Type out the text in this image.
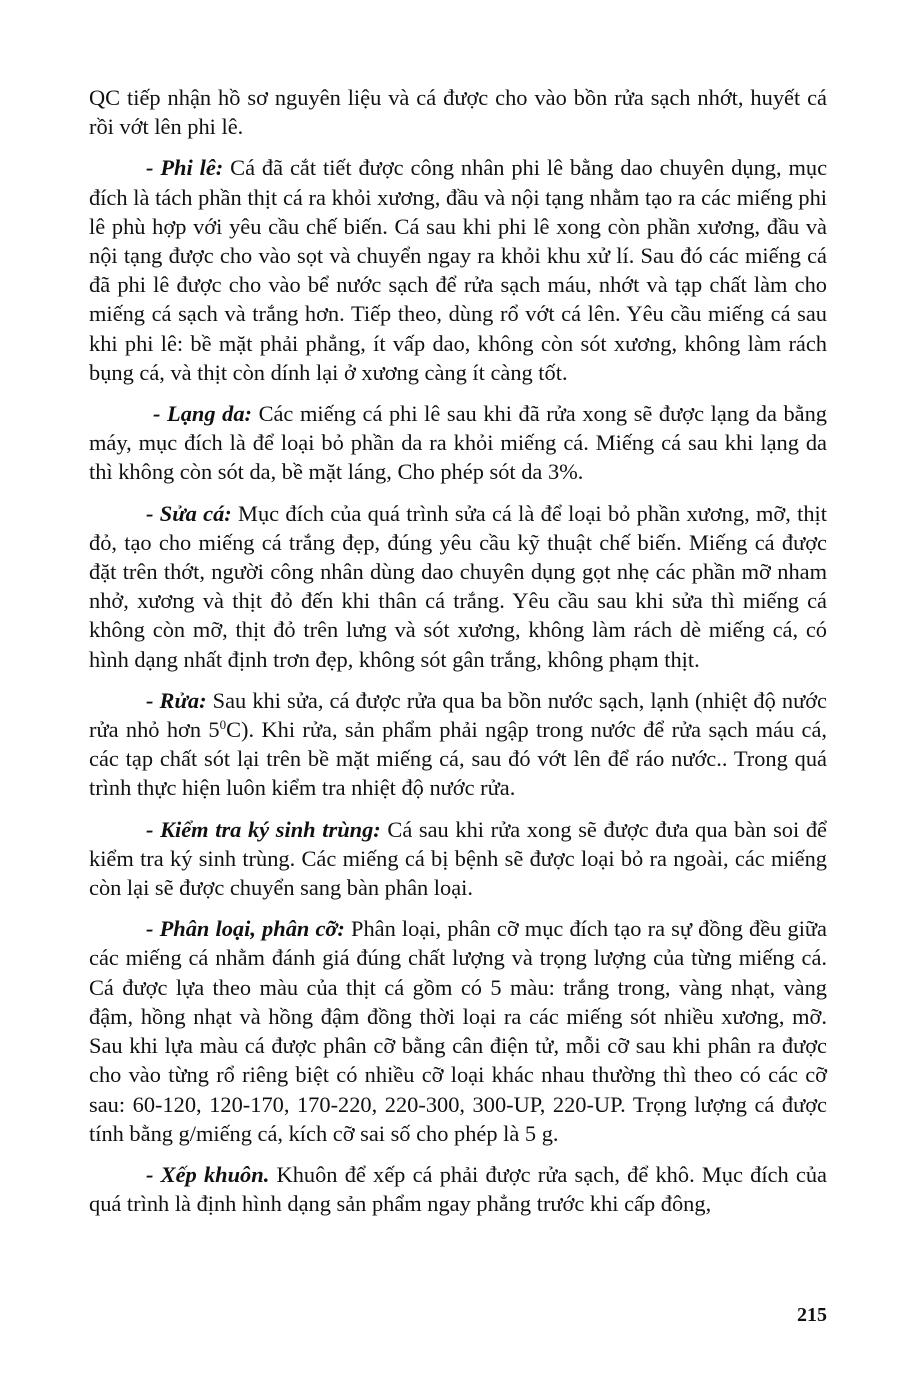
QC tiếp nhận hồ sơ nguyên liệu và cá được cho vào bồn rửa sạch nhớt, huyết cá rồi vớt lên phi lê.

- Phi lê: Cá đã cắt tiết được công nhân phi lê bằng dao chuyên dụng, mục đích là tách phần thịt cá ra khỏi xương, đầu và nội tạng nhằm tạo ra các miếng phi lê phù hợp với yêu cầu chế biến. Cá sau khi phi lê xong còn phần xương, đầu và nội tạng được cho vào sọt và chuyển ngay ra khỏi khu xử lí. Sau đó các miếng cá đã phi lê được cho vào bể nước sạch để rửa sạch máu, nhớt và tạp chất làm cho miếng cá sạch và trắng hơn. Tiếp theo, dùng rổ vớt cá lên. Yêu cầu miếng cá sau khi phi lê: bề mặt phải phẳng, ít vấp dao, không còn sót xương, không làm rách bụng cá, và thịt còn dính lại ở xương càng ít càng tốt.

- Lạng da: Các miếng cá phi lê sau khi đã rửa xong sẽ được lạng da bằng máy, mục đích là để loại bỏ phần da ra khỏi miếng cá. Miếng cá sau khi lạng da thì không còn sót da, bề mặt láng, Cho phép sót da 3%.

- Sửa cá: Mục đích của quá trình sửa cá là để loại bỏ phần xương, mỡ, thịt đỏ, tạo cho miếng cá trắng đẹp, đúng yêu cầu kỹ thuật chế biến. Miếng cá được đặt trên thớt, người công nhân dùng dao chuyên dụng gọt nhẹ các phần mỡ nham nhở, xương và thịt đỏ đến khi thân cá trắng. Yêu cầu sau khi sửa thì miếng cá không còn mỡ, thịt đỏ trên lưng và sót xương, không làm rách dè miếng cá, có hình dạng nhất định trơn đẹp, không sót gân trắng, không phạm thịt.

- Rửa: Sau khi sửa, cá được rửa qua ba bồn nước sạch, lạnh (nhiệt độ nước rửa nhỏ hơn $5^0C$). Khi rửa, sản phẩm phải ngập trong nước để rửa sạch máu cá, các tạp chất sót lại trên bề mặt miếng cá, sau đó vớt lên để ráo nước.. Trong quá trình thực hiện luôn kiểm tra nhiệt độ nước rửa.

- Kiểm tra ký sinh trùng: Cá sau khi rửa xong sẽ được đưa qua bàn soi để kiểm tra ký sinh trùng. Các miếng cá bị bệnh sẽ được loại bỏ ra ngoài, các miếng còn lại sẽ được chuyển sang bàn phân loại.

- Phân loại, phân cỡ: Phân loại, phân cỡ mục đích tạo ra sự đồng đều giữa các miếng cá nhằm đánh giá đúng chất lượng và trọng lượng của từng miếng cá. Cá được lựa theo màu của thịt cá gồm có 5 màu: trắng trong, vàng nhạt, vàng đậm, hồng nhạt và hồng đậm đồng thời loại ra các miếng sót nhiều xương, mỡ. Sau khi lựa màu cá được phân cỡ bằng cân điện tử, mỗi cỡ sau khi phân ra được cho vào từng rổ riêng biệt có nhiều cỡ loại khác nhau thường thì theo có các cỡ sau: 60-120, 120-170, 170-220, 220-300, 300-UP, 220-UP. Trọng lượng cá được tính bằng g/miếng cá, kích cỡ sai số cho phép là 5 g.

- Xếp khuôn. Khuôn để xếp cá phải được rửa sạch, để khô. Mục đích của quá trình là định hình dạng sản phẩm ngay phẳng trước khi cấp đông,

215
